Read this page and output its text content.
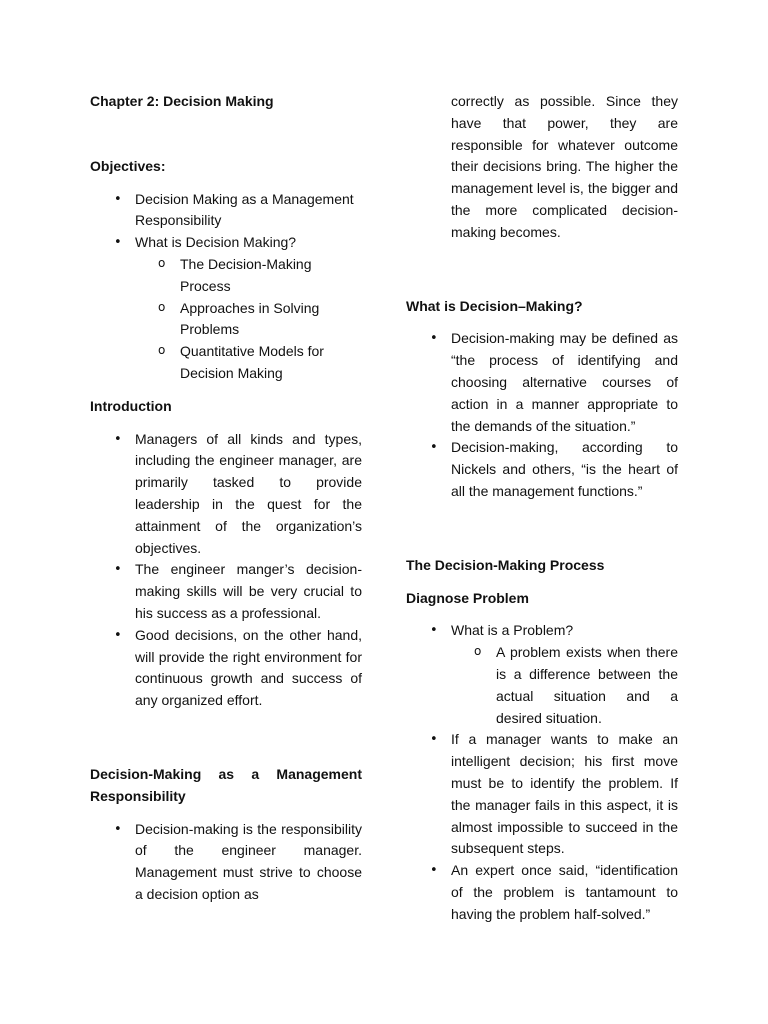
Chapter 2: Decision Making
Objectives:
• Decision Making as a Management Responsibility
• What is Decision Making?
o The Decision-Making Process
o Approaches in Solving Problems
o Quantitative Models for Decision Making
Introduction
• Managers of all kinds and types, including the engineer manager, are primarily tasked to provide leadership in the quest for the attainment of the organization’s objectives.
• The engineer manger’s decision-making skills will be very crucial to his success as a professional.
• Good decisions, on the other hand, will provide the right environment for continuous growth and success of any organized effort.
Decision-Making as a Management Responsibility
• Decision-making is the responsibility of the engineer manager. Management must strive to choose a decision option as

correctly as possible. Since they have that power, they are responsible for whatever outcome their decisions bring. The higher the management level is, the bigger and the more complicated decision-making becomes.

What is Decision–Making?
• Decision-making may be defined as “the process of identifying and choosing alternative courses of action in a manner appropriate to the demands of the situation.”
• Decision-making, according to Nickels and others, “is the heart of all the management functions.”
The Decision-Making Process
Diagnose Problem
• What is a Problem?
o A problem exists when there is a difference between the actual situation and a desired situation.
• If a manager wants to make an intelligent decision; his first move must be to identify the problem. If the manager fails in this aspect, it is almost impossible to succeed in the subsequent steps.
• An expert once said, “identification of the problem is tantamount to having the problem half-solved.”
